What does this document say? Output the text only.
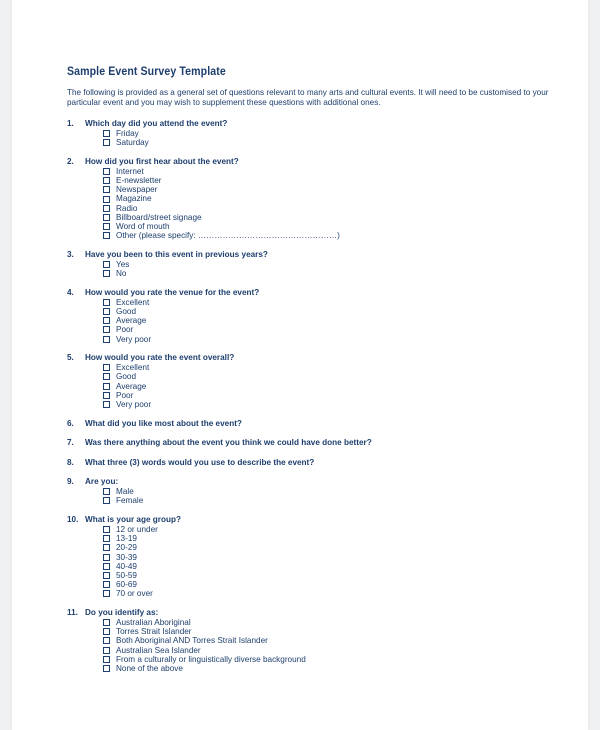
Sample Event Survey Template
The following is provided as a general set of questions relevant to many arts and cultural events. It will need to be customised to your particular event and you may wish to supplement these questions with additional ones.
1.	Which day did you attend the event?
Friday
Saturday
2.	How did you first hear about the event?
Internet
E-newsletter
Newspaper
Magazine
Radio
Billboard/street signage
Word of mouth
Other (please specify: ……………………………………………)
3.	Have you been to this event in previous years?
Yes
No
4.	How would you rate the venue for the event?
Excellent
Good
Average
Poor
Very poor
5.	How would you rate the event overall?
Excellent
Good
Average
Poor
Very poor
6.	What did you like most about the event?
7.	Was there anything about the event you think we could have done better?
8.	What three (3) words would you use to describe the event?
9.	Are you:
Male
Female
10. What is your age group?
12 or under
13-19
20-29
30-39
40-49
50-59
60-69
70 or over
11. Do you identify as:
Australian Aboriginal
Torres Strait Islander
Both Aboriginal AND Torres Strait Islander
Australian Sea Islander
From a culturally or linguistically diverse background
None of the above
